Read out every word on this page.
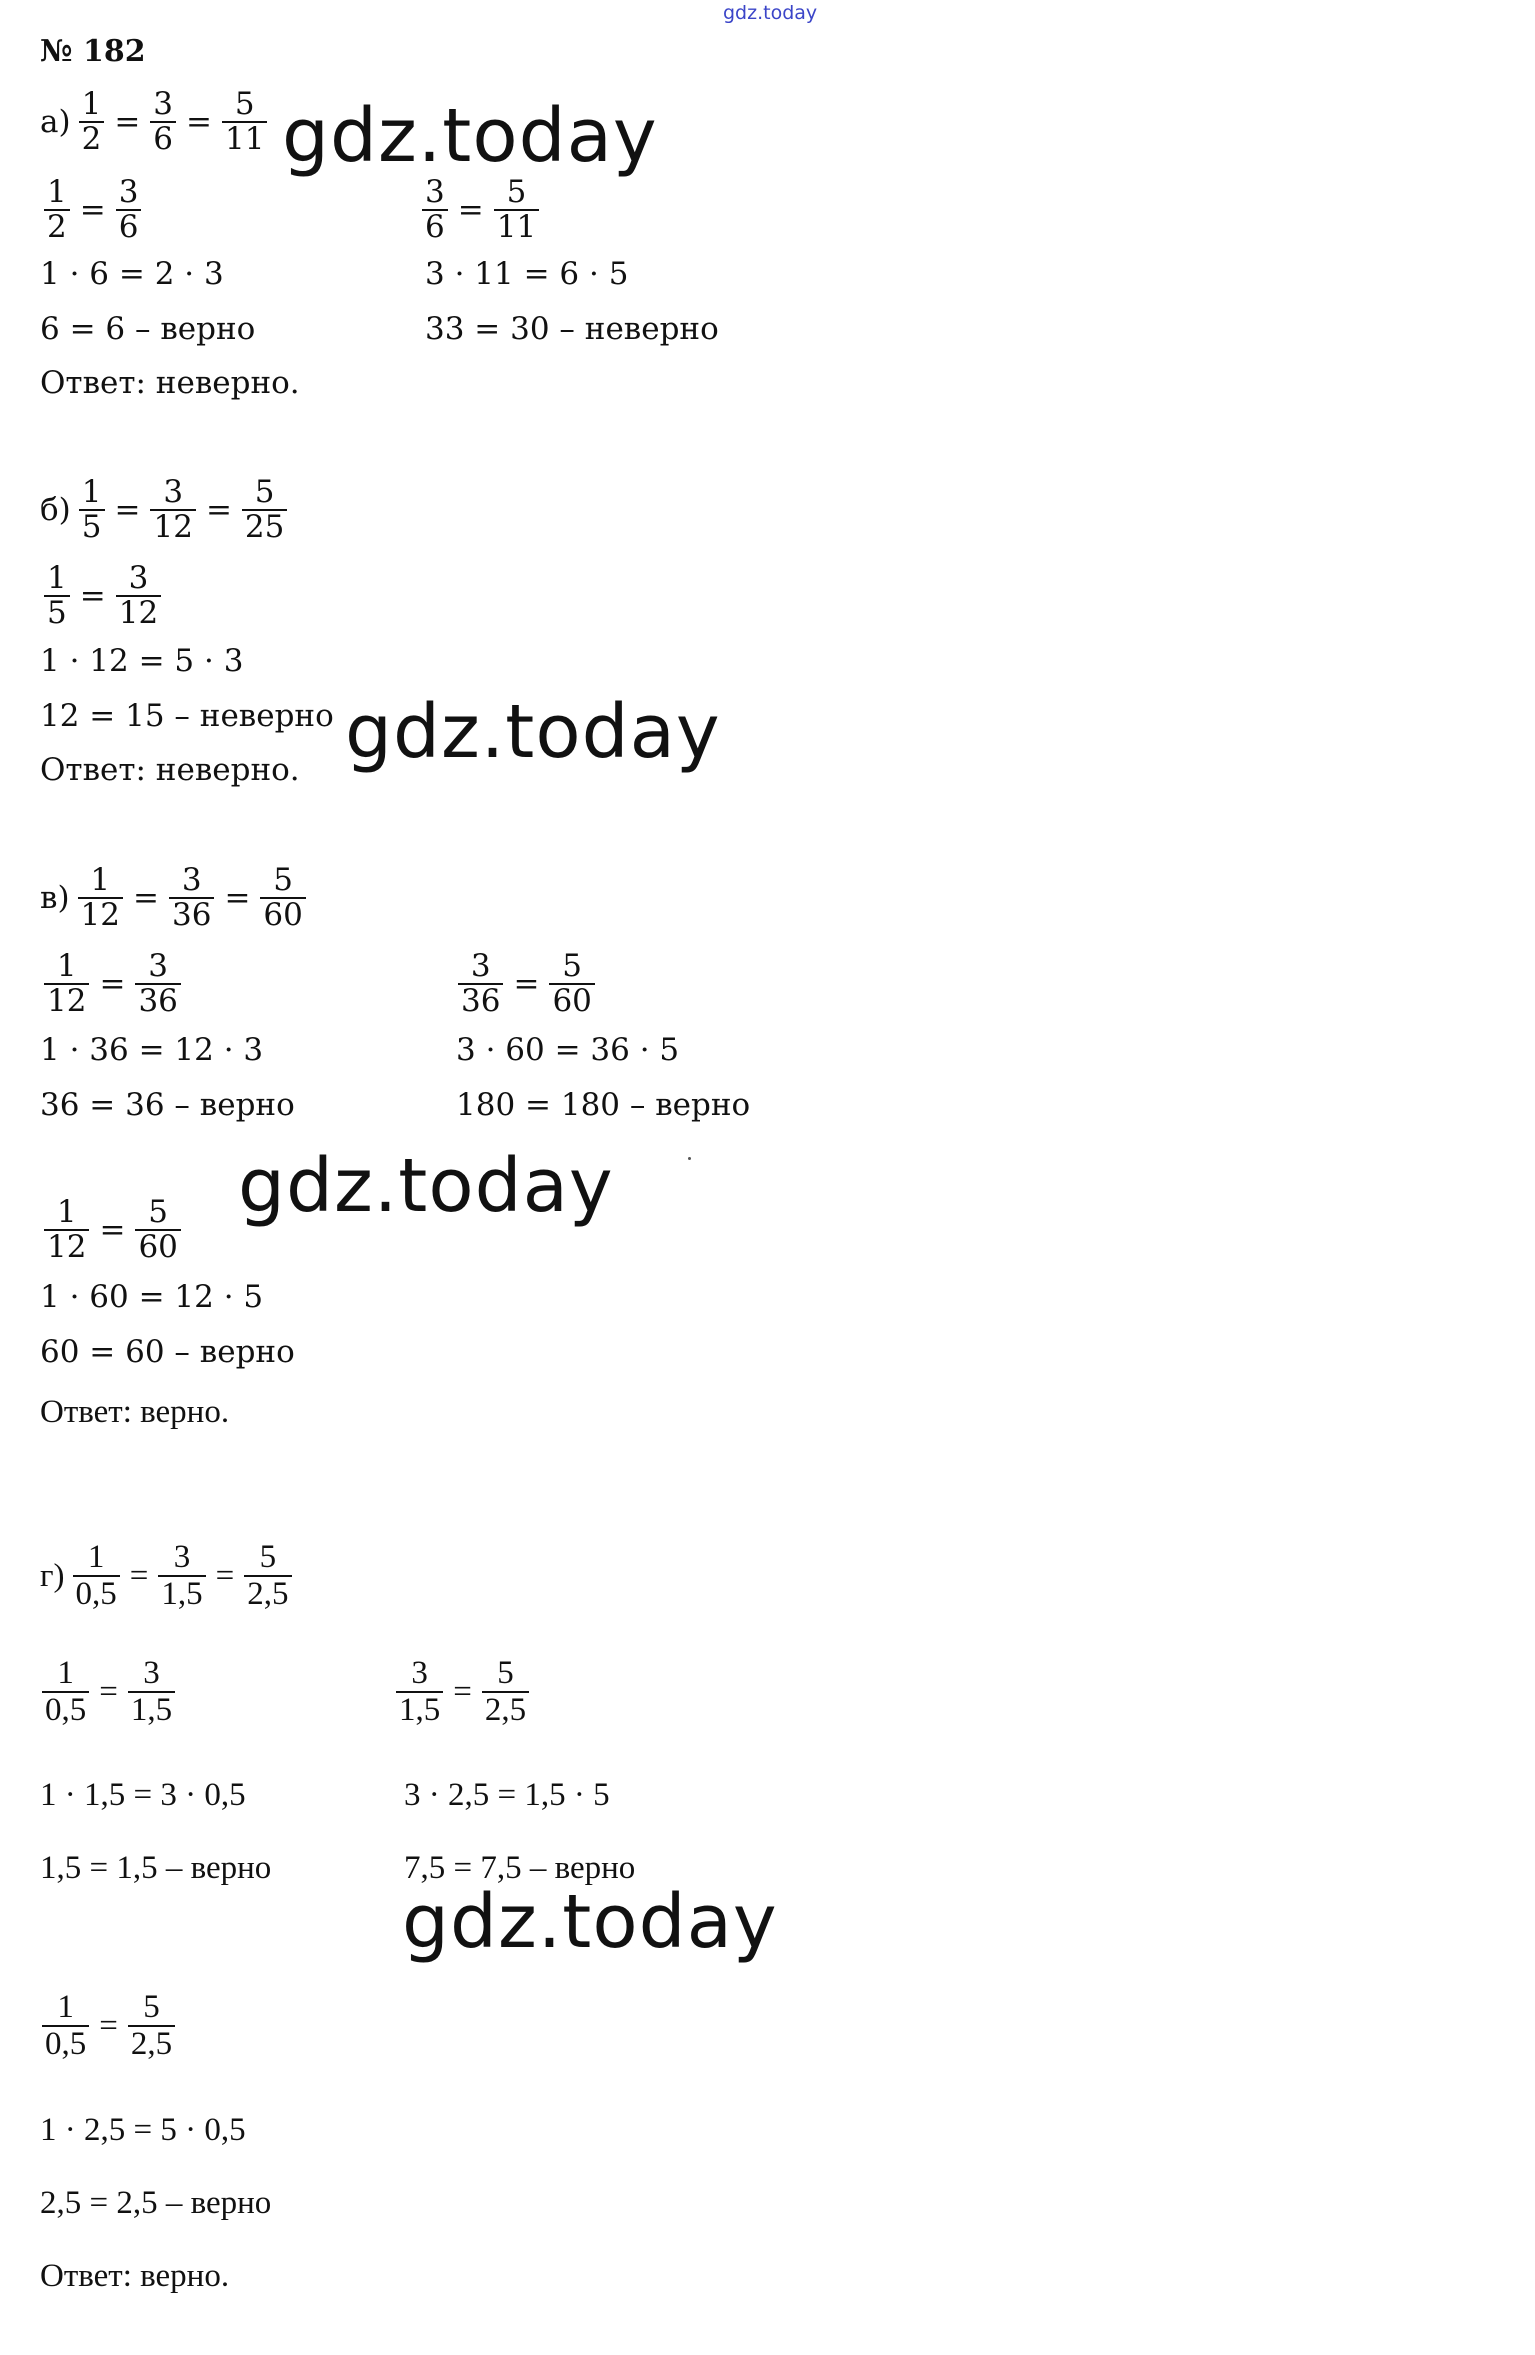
gdz.today
№ 182
gdz.today
gdz.today
gdz.today
gdz.today
а) 1
2 = 3
6 = 5
11
1
2 = 3
6
1 · 6 = 2 · 3
6 = 6 – верно
3
6 = 5
11
3 · 11 = 6 · 5
33 = 30 – неверно
Ответ: неверно.
б) 1
5 = 3
12 = 5
25
1
5 = 3
12
1 · 12 = 5 · 3
12 = 15 – неверно
Ответ: неверно.
в) 1
12 = 3
36 = 5
60
1
12 = 3
36
1 · 36 = 12 · 3
36 = 36 – верно
3
36 = 5
60
3 · 60 = 36 · 5
180 = 180 – верно
1
12 = 5
60
1 · 60 = 12 · 5
60 = 60 – верно
Ответ: верно.
г)
1
0,5 =
3
1,5 =
5
2,5
1
0,5 =
3
1,5
1 · 1,5 = 3 · 0,5
1,5 = 1,5 – верно
3
1,5 =
5
2,5
3 · 2,5 = 1,5 · 5
7,5 = 7,5 – верно
1
0,5 =
5
2,5
1 · 2,5 = 5 · 0,5
2,5 = 2,5 – верно
Ответ: верно.
